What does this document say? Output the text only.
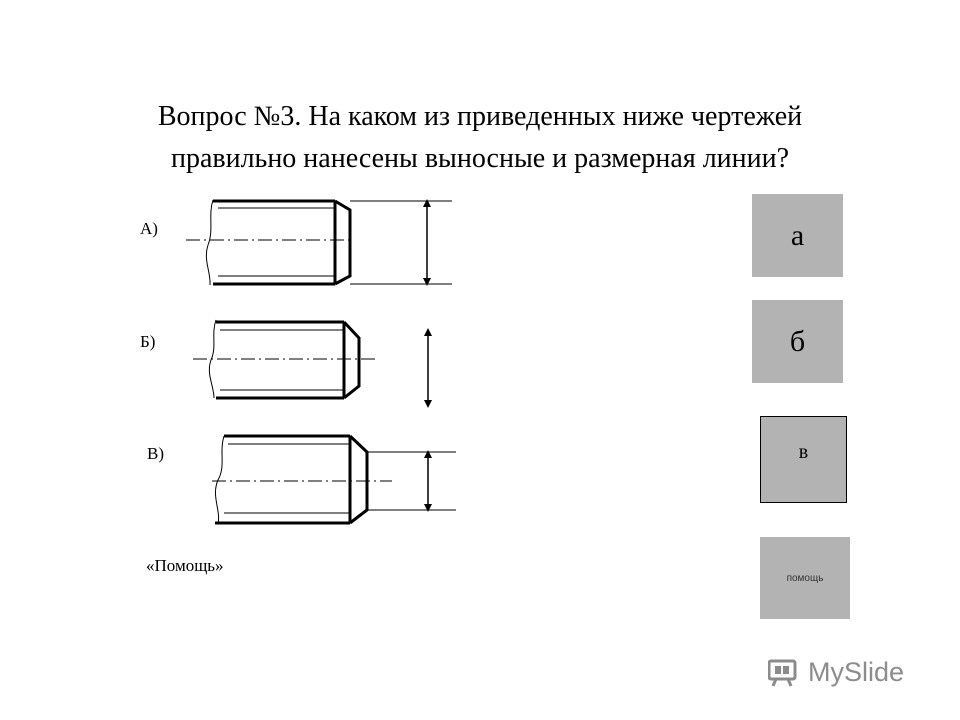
Вопрос №3. На каком из приведенных ниже чертежей
правильно нанесены выносные и размерная линии?
А)
Б)
В)
«Помощь»
а
б
в
помощь
MySlide
